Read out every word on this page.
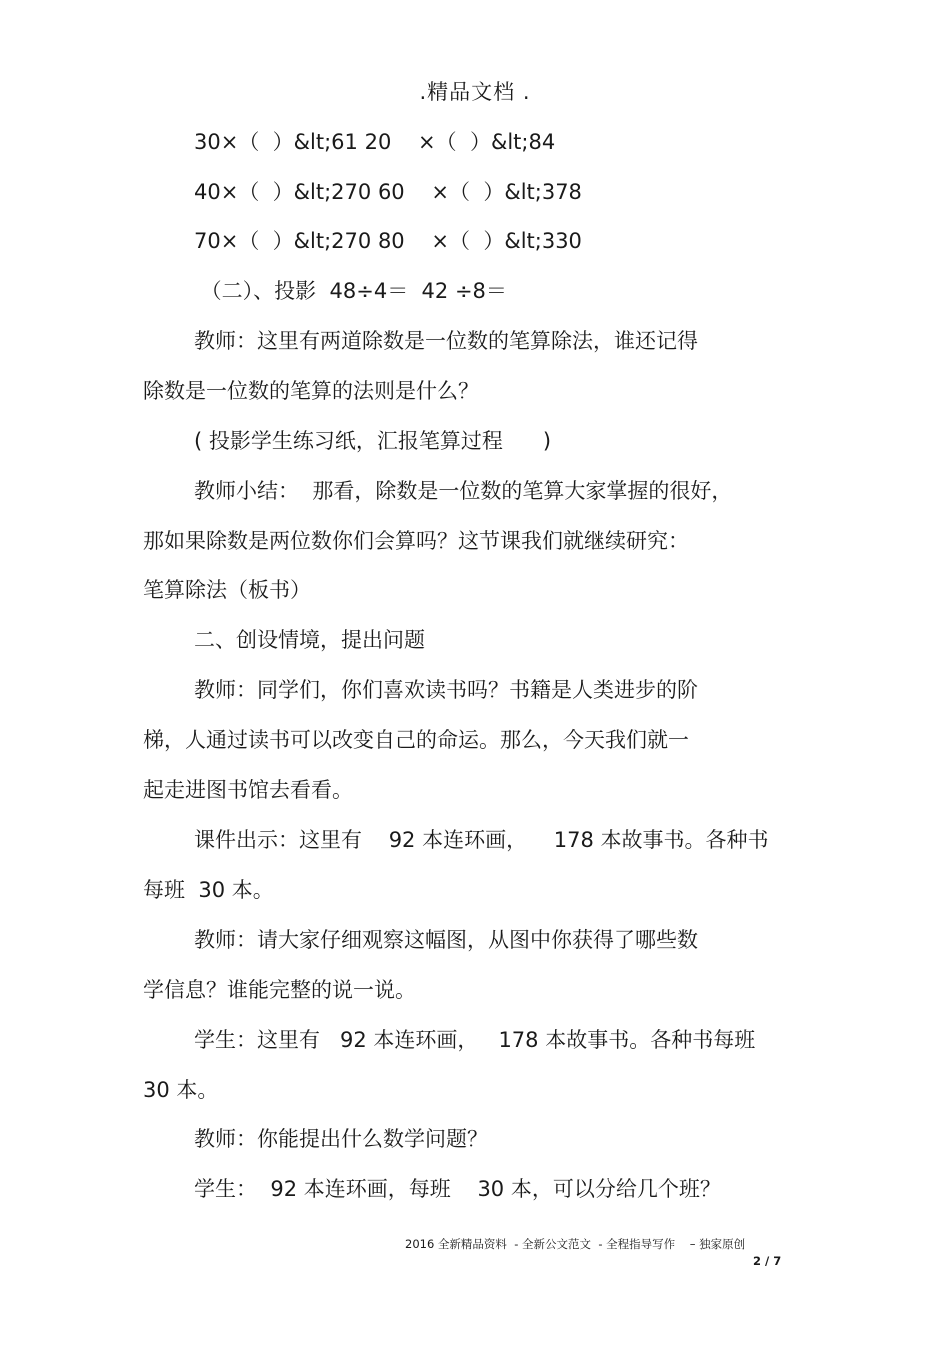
.精品文档 .
30×（  ）&lt;61 20    ×（  ）&lt;84
40×（  ）&lt;270 60    ×（  ）&lt;378
70×（  ）&lt;270 80    ×（  ）&lt;330
（二）、投影  48÷4＝  42 ÷8＝
教师：这里有两道除数是一位数的笔算除法，谁还记得
除数是一位数的笔算的法则是什么？
( 投影学生练习纸，汇报笔算过程      )
教师小结：  那看，除数是一位数的笔算大家掌握的很好，
那如果除数是两位数你们会算吗？这节课我们就继续研究：
笔算除法（板书）
二、创设情境，提出问题
教师：同学们，你们喜欢读书吗？书籍是人类进步的阶
梯，人通过读书可以改变自己的命运。那么，今天我们就一
起走进图书馆去看看。
课件出示：这里有    92 本连环画，    178 本故事书。各种书
每班  30 本。
教师：请大家仔细观察这幅图，从图中你获得了哪些数
学信息？谁能完整的说一说。
学生：这里有   92 本连环画，   178 本故事书。各种书每班
30 本。
教师：你能提出什么数学问题？
学生：  92 本连环画，每班    30 本，可以分给几个班？
2016 全新精品资料  - 全新公文范文  - 全程指导写作    – 独家原创
2 / 7
